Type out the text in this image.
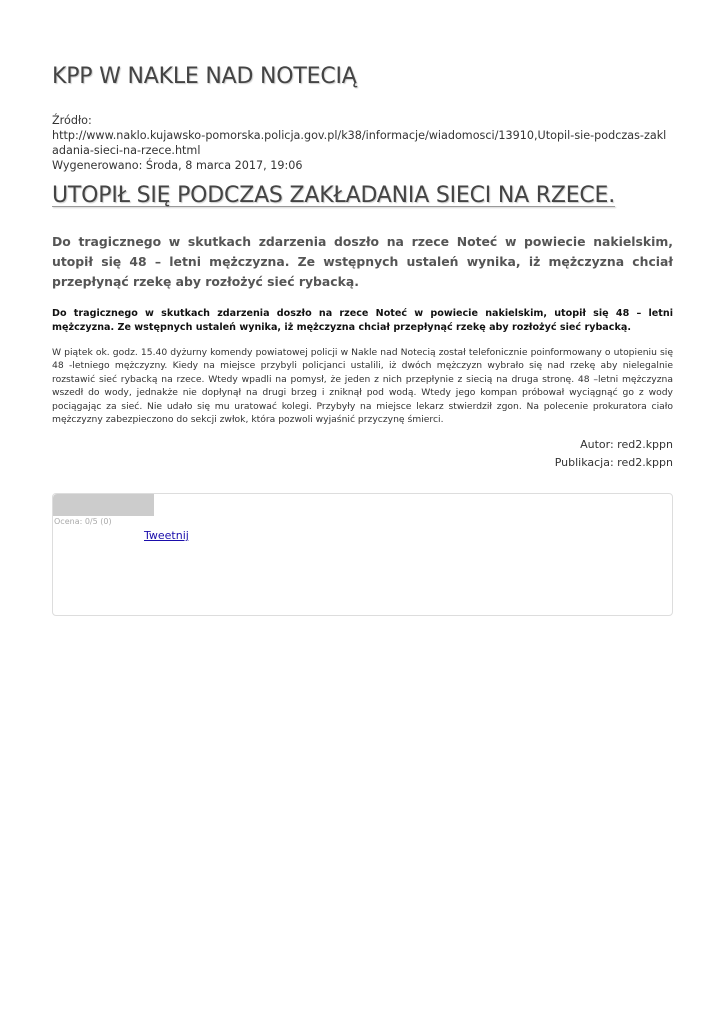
KPP W NAKLE NAD NOTECIĄ
Źródło:
http://www.naklo.kujawsko-pomorska.policja.gov.pl/k38/informacje/wiadomosci/13910,Utopil-sie-podczas-zakladania-sieci-na-rzece.html
Wygenerowano: Środa, 8 marca 2017, 19:06
UTOPIŁ SIĘ PODCZAS ZAKŁADANIA SIECI NA RZECE.

Do tragicznego w skutkach zdarzenia doszło na rzece Noteć w powiecie nakielskim, utopił się 48 – letni mężczyzna. Ze wstępnych ustaleń wynika, iż mężczyzna chciał przepłynąć rzekę aby rozłożyć sieć rybacką.

Do tragicznego w skutkach zdarzenia doszło na rzece Noteć w powiecie nakielskim, utopił się 48 – letni mężczyzna. Ze wstępnych ustaleń wynika, iż mężczyzna chciał przepłynąć rzekę aby rozłożyć sieć rybacką.

W piątek ok. godz. 15.40 dyżurny komendy powiatowej policji w Nakle nad Notecią został telefonicznie poinformowany o utopieniu się 48 -letniego mężczyzny. Kiedy na miejsce przybyli policjanci ustalili, iż dwóch mężczyzn wybrało się nad rzekę aby nielegalnie rozstawić sieć rybacką na rzece. Wtedy wpadli na pomysł, że jeden z nich przepłynie z siecią na druga stronę. 48 –letni mężczyzna wszedł do wody, jednakże nie dopłynął na drugi brzeg i zniknął pod wodą. Wtedy jego kompan próbował wyciągnąć go z wody pociągając za sieć. Nie udało się mu uratować kolegi. Przybyły na miejsce lekarz stwierdził zgon. Na polecenie prokuratora ciało mężczyzny zabezpieczono do sekcji zwłok, która pozwoli wyjaśnić przyczynę śmierci.

Autor: red2.kppn
Publikacja: red2.kppn
Ocena: 0/5 (0)
Tweetnij
